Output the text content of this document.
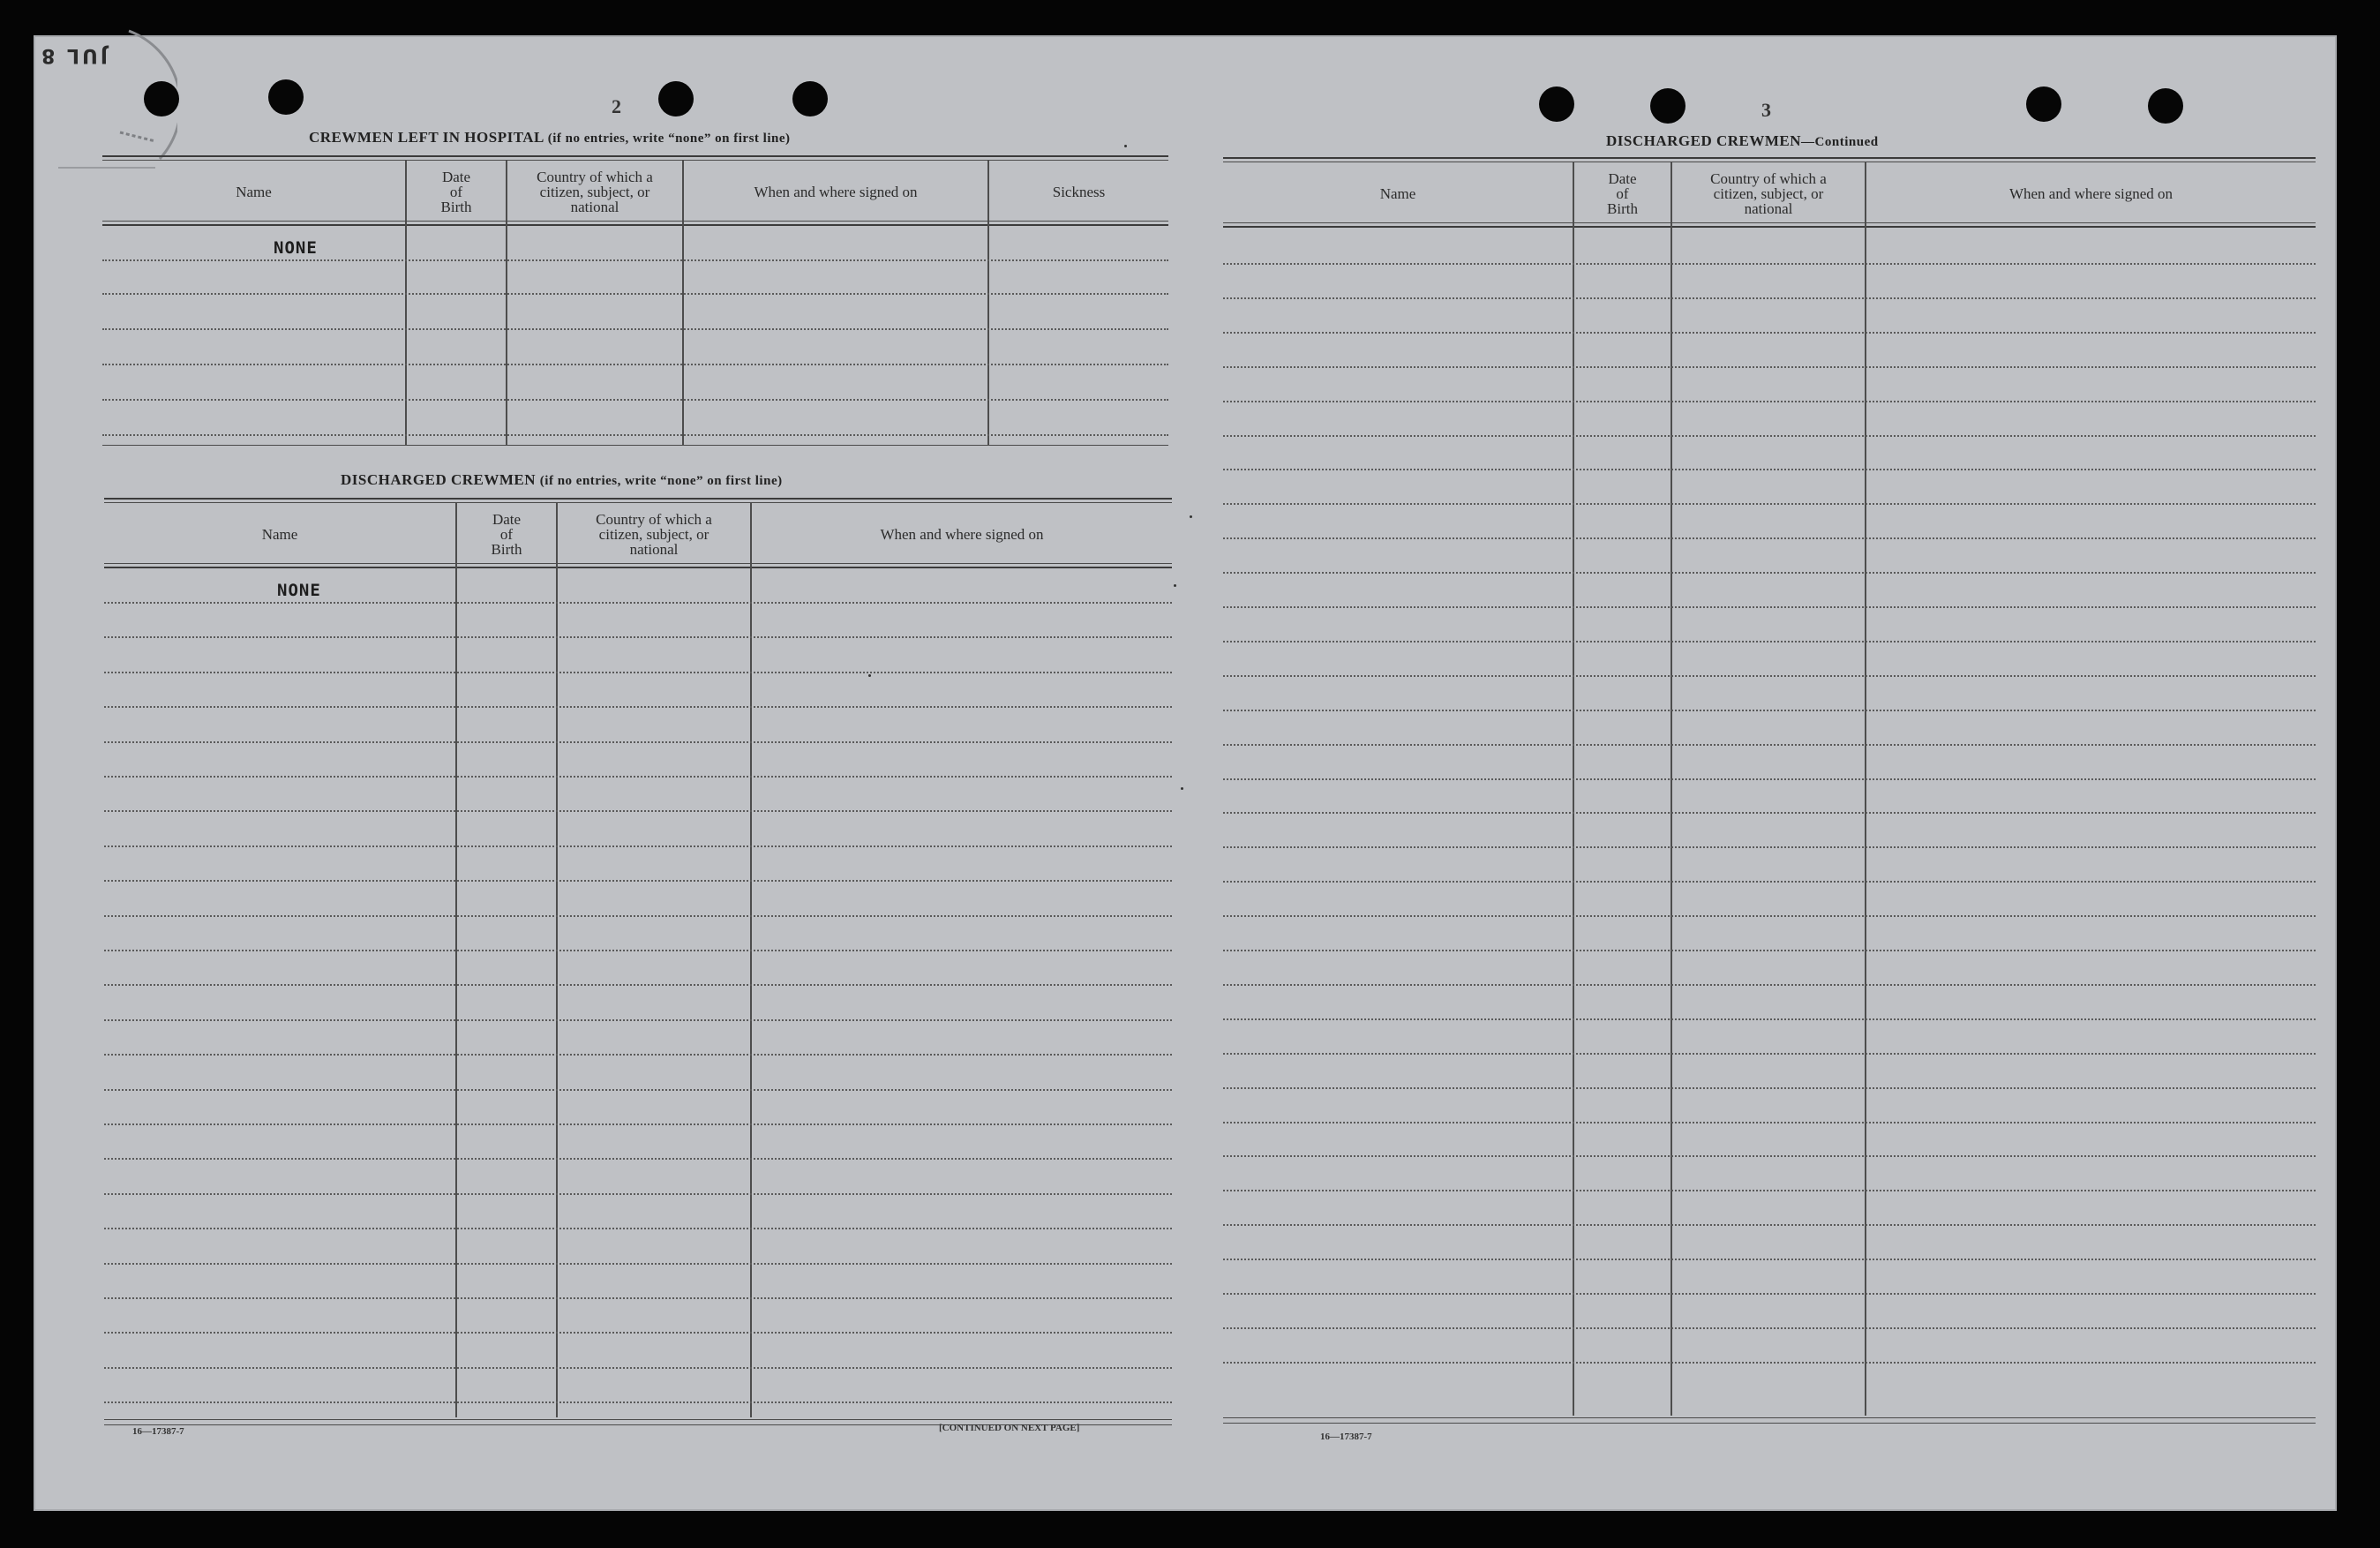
JUL 8
2
CREWMEN LEFT IN HOSPITAL (if no entries, write “none” on first line)
Name
Date
of
Birth
Country of which a
citizen, subject, or
national
When and where signed on	Sickness
NONE
DISCHARGED CREWMEN (if no entries, write “none” on first line)
Name
Date
of
Birth
Country of which a
citizen, subject, or
national
When and where signed on
NONE
16—17387-7	[CONTINUED ON NEXT PAGE]
3
DISCHARGED CREWMEN—Continued
Name
Date
of
Birth
Country of which a
citizen, subject, or
national
When and where signed on
16—17387-7
